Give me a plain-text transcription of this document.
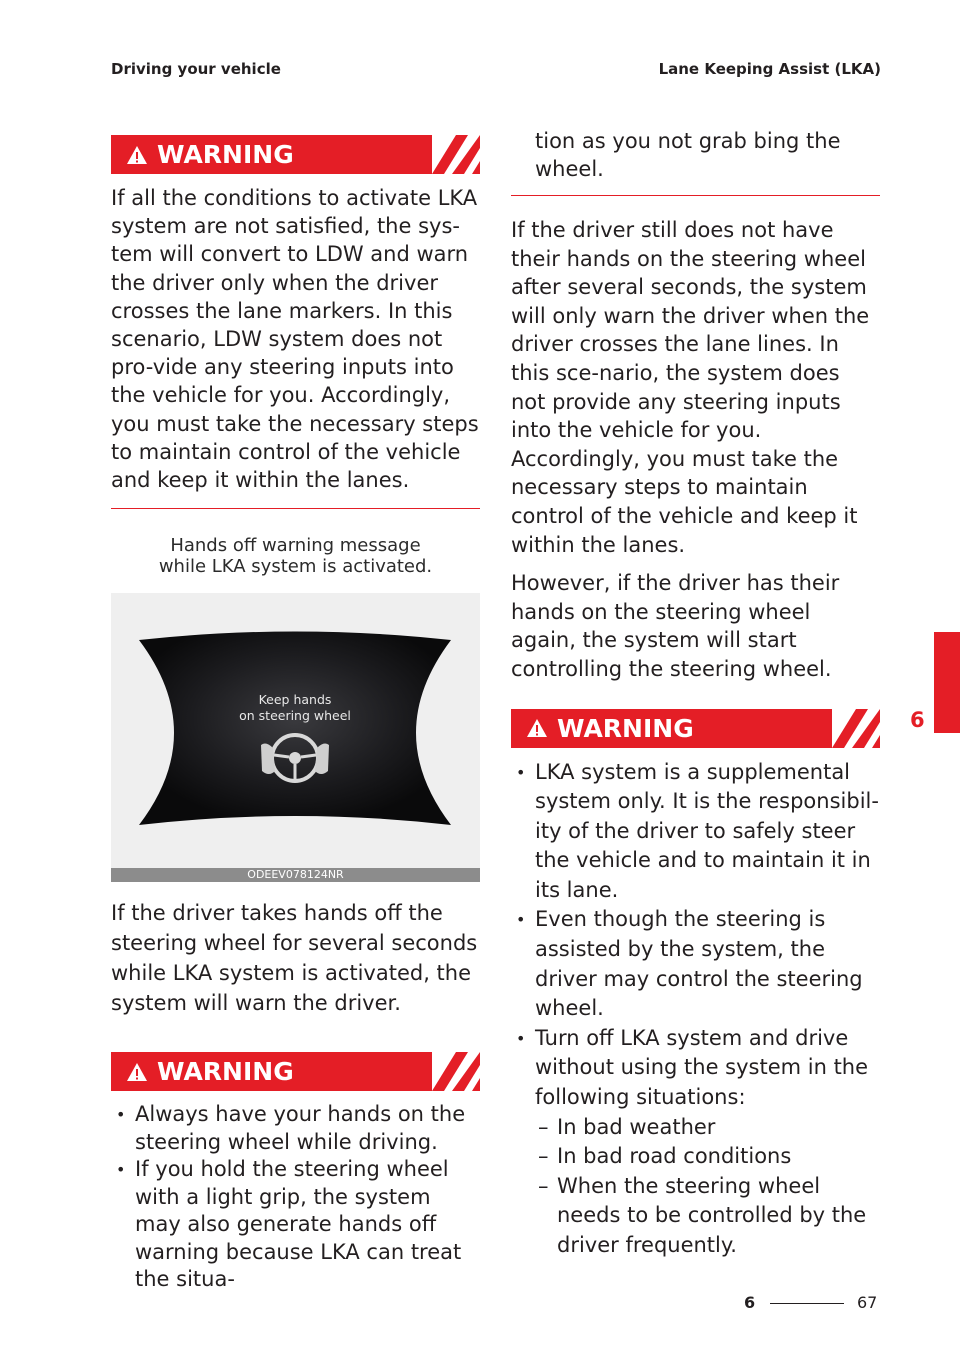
Driving your vehicle	Lane Keeping Assist (LKA)
WARNING

If all the conditions to activate LKA system are not satisfied, the sys-tem will convert to LDW and warn the driver only when the driver crosses the lane markers. In this scenario, LDW system does not pro-vide any steering inputs into the vehicle for you. Accordingly, you must take the necessary steps to maintain control of the vehicle and keep it within the lanes.

Hands off warning message
while LKA system is activated.
Keep hands
on steering wheel
ODEEV078124NR

If the driver takes hands off the steering wheel for several seconds while LKA system is activated, the system will warn the driver.

WARNING
• Always have your hands on the steering wheel while driving.
• If you hold the steering wheel with a light grip, the system may also generate hands off warning because LKA can treat the situa-

tion as you not grab bing the wheel.

If the driver still does not have their hands on the steering wheel after several seconds, the system will only warn the driver when the driver crosses the lane lines. In this sce-nario, the system does not provide any steering inputs into the vehicle for you. Accordingly, you must take the necessary steps to maintain control of the vehicle and keep it within the lanes.

However, if the driver has their hands on the steering wheel again, the system will start controlling the steering wheel.

WARNING
• LKA system is a supplemental system only. It is the responsibil-ity of the driver to safely steer the vehicle and to maintain it in its lane.
• Even though the steering is assisted by the system, the driver may control the steering wheel.
• Turn off LKA system and drive without using the system in the following situations:
– In bad weather
– In bad road conditions
– When the steering wheel needs to be controlled by the driver frequently.
6
6	67
